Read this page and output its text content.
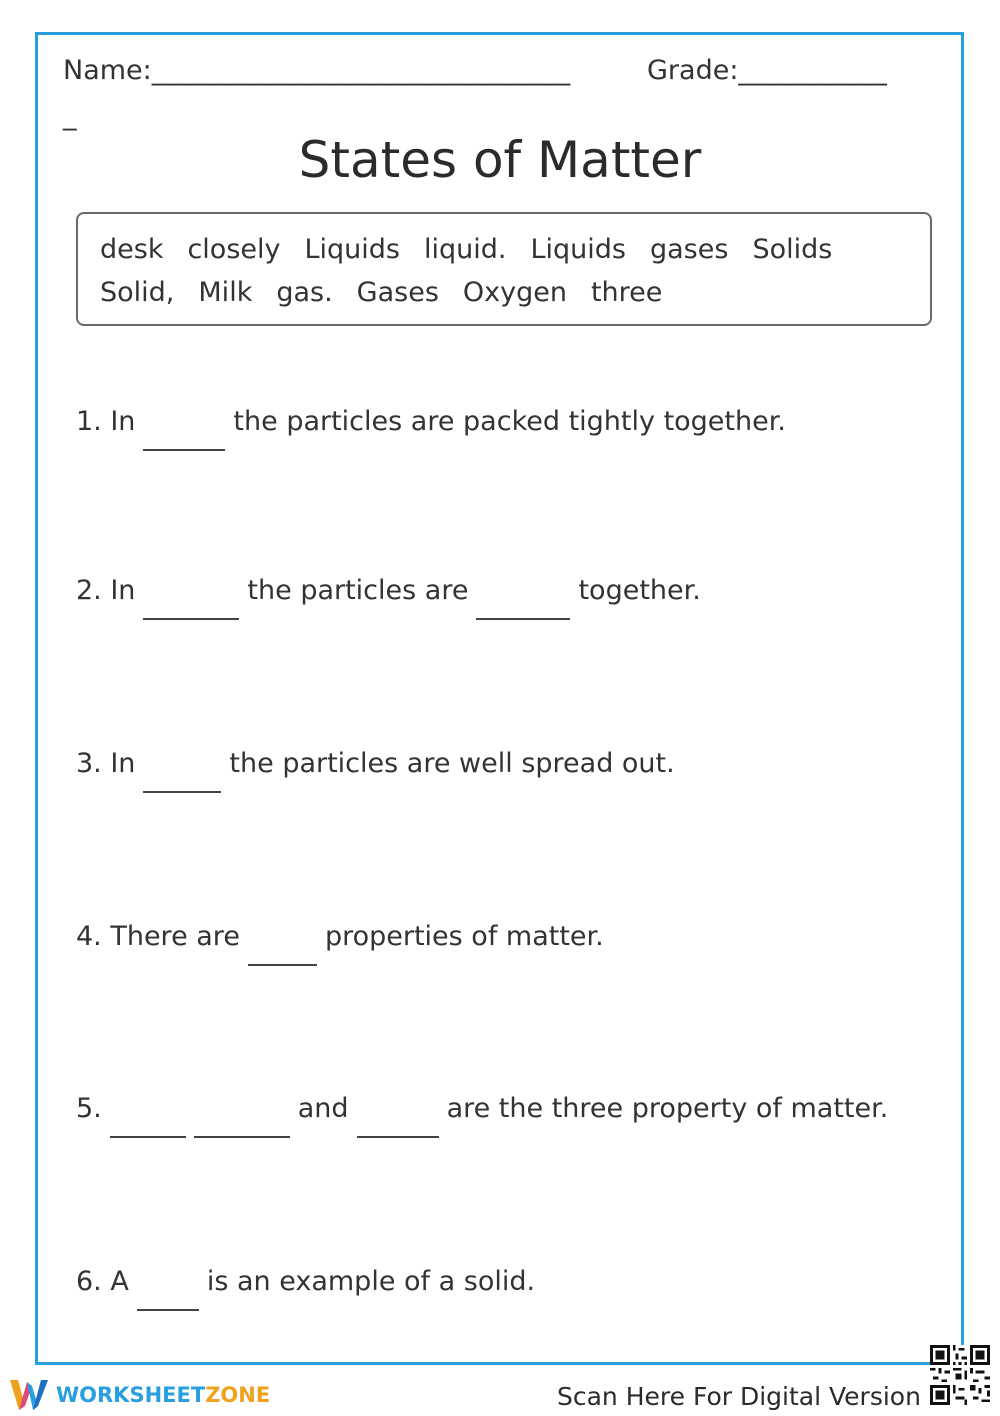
Name:_______________________________	Grade:___________
_
States of Matter
desk closely Liquids liquid. Liquids gases Solids
Solid, Milk gas. Gases Oxygen three
1. In	the particles are packed tightly together.
2. In	the particles are	together.
3. In	the particles are well spread out.
4. There are	properties of matter.
5.	and	are the three property of matter.
6. A	is an example of a solid.
WORKSHEETZONE	Scan Here For Digital Version
